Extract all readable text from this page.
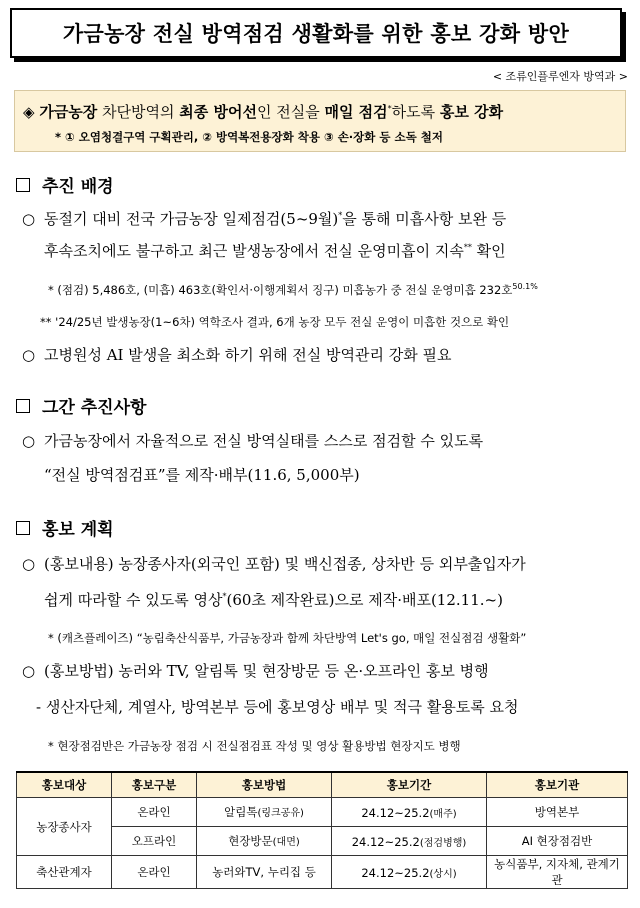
가금농장 전실 방역점검 생활화를 위한 홍보 강화 방안
< 조류인플루엔자 방역과 >
◈ 가금농장 차단방역의 최종 방어선인 전실을 매일 점검*하도록 홍보 강화
* ① 오염청결구역 구획관리, ② 방역복전용장화 착용 ③ 손·장화 등 소독 철저
추진 배경
○ 동절기 대비 전국 가금농장 일제점검(5~9월)*을 통해 미흡사항 보완 등
후속조치에도 불구하고 최근 발생농장에서 전실 운영미흡이 지속** 확인
* (점검) 5,486호, (미흡) 463호(확인서·이행계획서 징구) 미흡농가 중 전실 운영미흡 232호$^{50.1\%}$
** '24/25년 발생농장(1~6차) 역학조사 결과, 6개 농장 모두 전실 운영이 미흡한 것으로 확인
○ 고병원성 AI 발생을 최소화 하기 위해 전실 방역관리 강화 필요
그간 추진사항
○ 가금농장에서 자율적으로 전실 방역실태를 스스로 점검할 수 있도록
“전실 방역점검표”를 제작·배부(11.6, 5,000부)
홍보 계획
○ (홍보내용) 농장종사자(외국인 포함) 및 백신접종, 상차반 등 외부출입자가
쉽게 따라할 수 있도록 영상*(60초 제작완료)으로 제작·배포(12.11.~)
* (캐츠플레이즈) “농림축산식품부, 가금농장과 함께 차단방역 Let's go, 매일 전실점검 생활화”
○ (홍보방법) 농러와 TV, 알림톡 및 현장방문 등 온·오프라인 홍보 병행
- 생산자단체, 계열사, 방역본부 등에 홍보영상 배부 및 적극 활용토록 요청
* 현장점검반은 가금농장 점검 시 전실점검표 작성 및 영상 활용방법 현장지도 병행
홍보대상	홍보구분	홍보방법	홍보기간	홍보기관
농장종사자	온라인	알림톡(링크공유)	24.12~25.2(매주)	방역본부
	오프라인	현장방문(대면)	24.12~25.2(점검병행)	AI 현장점검반
축산관계자	온라인	농러와TV, 누리집 등	24.12~25.2(상시)	농식품부, 지자체, 관계기관
